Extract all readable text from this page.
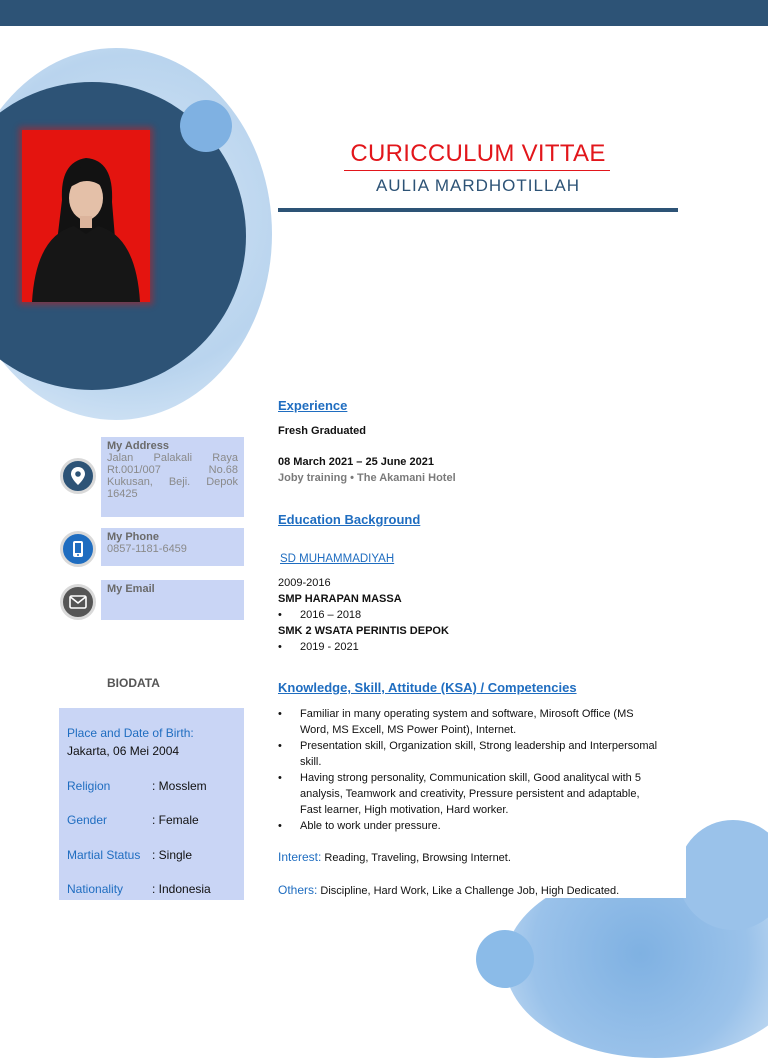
CURICCULUM VITTAE
AULIA MARDHOTILLAH
My Address
Jalan Palakali Raya
Rt.001/007	No.68
Kukusan, Beji. Depok
16425
My Phone
0857-1181-6459
My Email
BIODATA
Place and Date of Birth:
Jakarta, 06 Mei 2004
Religion	: Mosslem
Gender	: Female
Martial Status : Single
Nationality : Indonesia
Experience
Fresh Graduated
08 March 2021 – 25 June 2021
Joby training • The Akamani Hotel
Education Background
SD MUHAMMADIYAH
2009-2016
SMP HARAPAN MASSA
• 2016 – 2018
SMK 2 WSATA PERINTIS DEPOK
• 2019 - 2021
Knowledge, Skill, Attitude (KSA) / Competencies
• Familiar in many operating system and software, Mirosoft Office (MS
Word, MS Excell, MS Power Point), Internet.
• Presentation skill, Organization skill, Strong leadership and Interpersomal
skill.
• Having strong personality, Communication skill, Good analitycal with 5
analysis, Teamwork and creativity, Pressure persistent and adaptable,
Fast learner, High motivation, Hard worker.
• Able to work under pressure.
Interest: Reading, Traveling, Browsing Internet.
Others: Discipline, Hard Work, Like a Challenge Job, High Dedicated.
